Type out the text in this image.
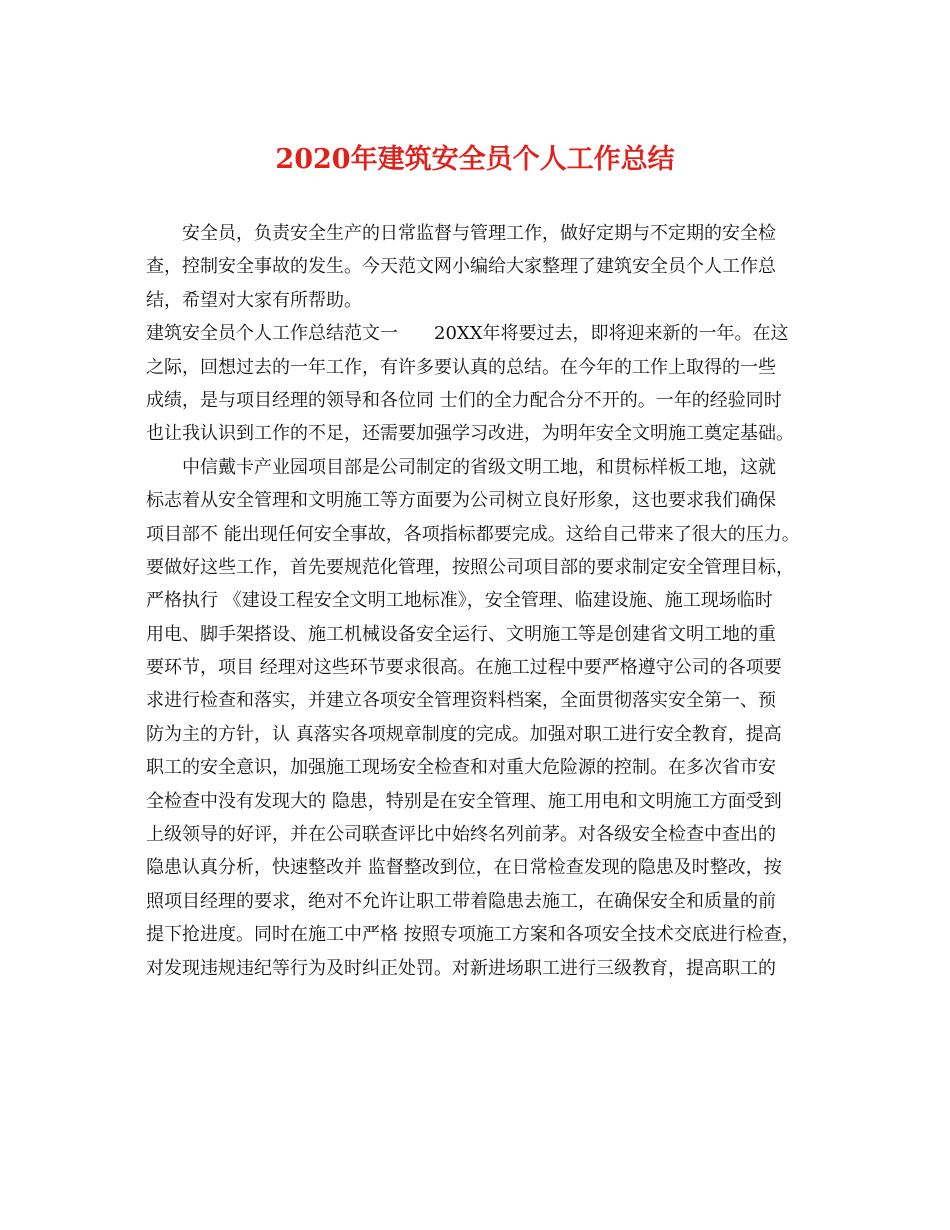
2020年建筑安全员个人工作总结
安全员，负责安全生产的日常监督与管理工作，做好定期与不定期的安全检
查，控制安全事故的发生。今天范文网小编给大家整理了建筑安全员个人工作总
结，希望对大家有所帮助。
建筑安全员个人工作总结范文一　　20XX年将要过去，即将迎来新的一年。在这
之际，回想过去的一年工作，有许多要认真的总结。在今年的工作上取得的一些
成绩，是与项目经理的领导和各位同 士们的全力配合分不开的。一年的经验同时
也让我认识到工作的不足，还需要加强学习改进，为明年安全文明施工奠定基础。
中信戴卡产业园项目部是公司制定的省级文明工地，和贯标样板工地，这就
标志着从安全管理和文明施工等方面要为公司树立良好形象，这也要求我们确保
项目部不 能出现任何安全事故，各项指标都要完成。这给自己带来了很大的压力。
要做好这些工作，首先要规范化管理，按照公司项目部的要求制定安全管理目标，
严格执行 《建设工程安全文明工地标准》，安全管理、临建设施、施工现场临时
用电、脚手架搭设、施工机械设备安全运行、文明施工等是创建省文明工地的重
要环节，项目 经理对这些环节要求很高。在施工过程中要严格遵守公司的各项要
求进行检查和落实，并建立各项安全管理资料档案，全面贯彻落实安全第一、预
防为主的方针，认 真落实各项规章制度的完成。加强对职工进行安全教育，提高
职工的安全意识，加强施工现场安全检查和对重大危险源的控制。在多次省市安
全检查中没有发现大的 隐患，特别是在安全管理、施工用电和文明施工方面受到
上级领导的好评，并在公司联查评比中始终名列前茅。对各级安全检查中查出的
隐患认真分析，快速整改并 监督整改到位，在日常检查发现的隐患及时整改，按
照项目经理的要求，绝对不允许让职工带着隐患去施工，在确保安全和质量的前
提下抢进度。同时在施工中严格 按照专项施工方案和各项安全技术交底进行检查，
对发现违规违纪等行为及时纠正处罚。对新进场职工进行三级教育，提高职工的
